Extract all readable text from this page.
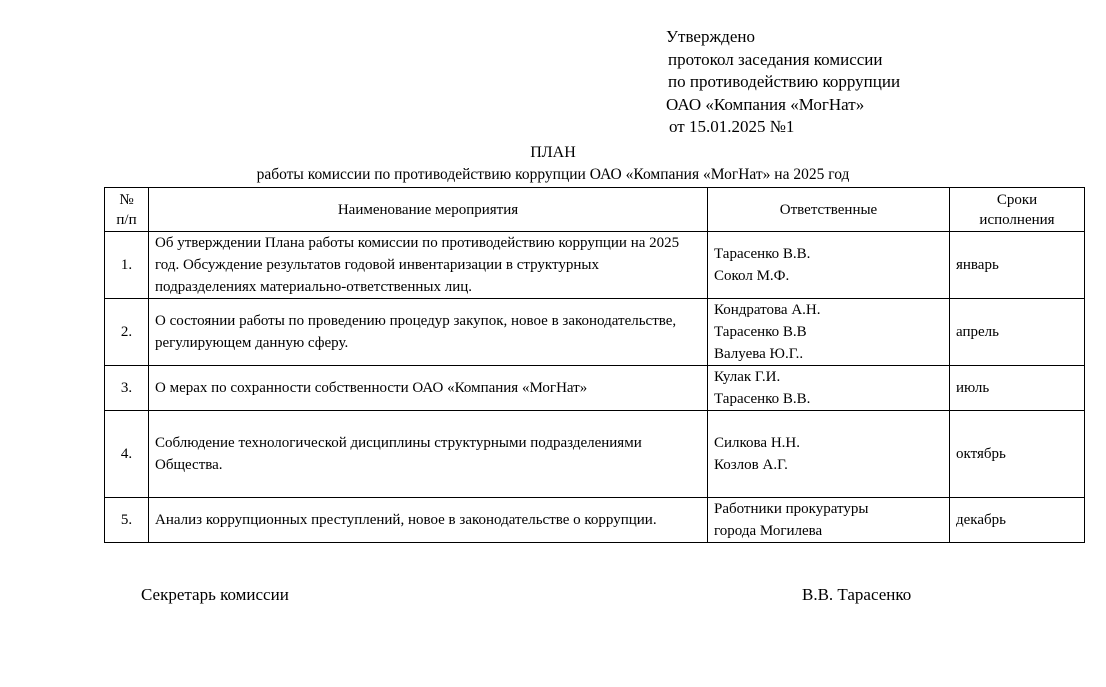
Утверждено
протокол заседания комиссии
по противодействию коррупции
ОАО «Компания «МогНат»
от 15.01.2025 №1
ПЛАН
работы комиссии по противодействию коррупции ОАО «Компания «МогНат» на 2025 год
№
п/п	Наименование мероприятия	Ответственные	Сроки
исполнения
1.	Об утверждении Плана работы комиссии по противодействию коррупции на 2025 год. Обсуждение результатов годовой инвентаризации в структурных подразделениях материально-ответственных лиц.	Тарасенко В.В.
Сокол М.Ф.	январь
2.	О состоянии работы по проведению процедур закупок, новое в законодательстве, регулирующем данную сферу.	Кондратова А.Н.
Тарасенко В.В
Валуева Ю.Г..	апрель
3.	О мерах по сохранности собственности ОАО «Компания «МогНат»	Кулак Г.И.
Тарасенко В.В.	июль
4.	Соблюдение технологической дисциплины структурными подразделениями Общества.	Силкова Н.Н.
Козлов А.Г.	октябрь
5.	Анализ коррупционных преступлений, новое в законодательстве о коррупции.	Работники прокуратуры
города Могилева	декабрь
Секретарь комиссии	В.В. Тарасенко
